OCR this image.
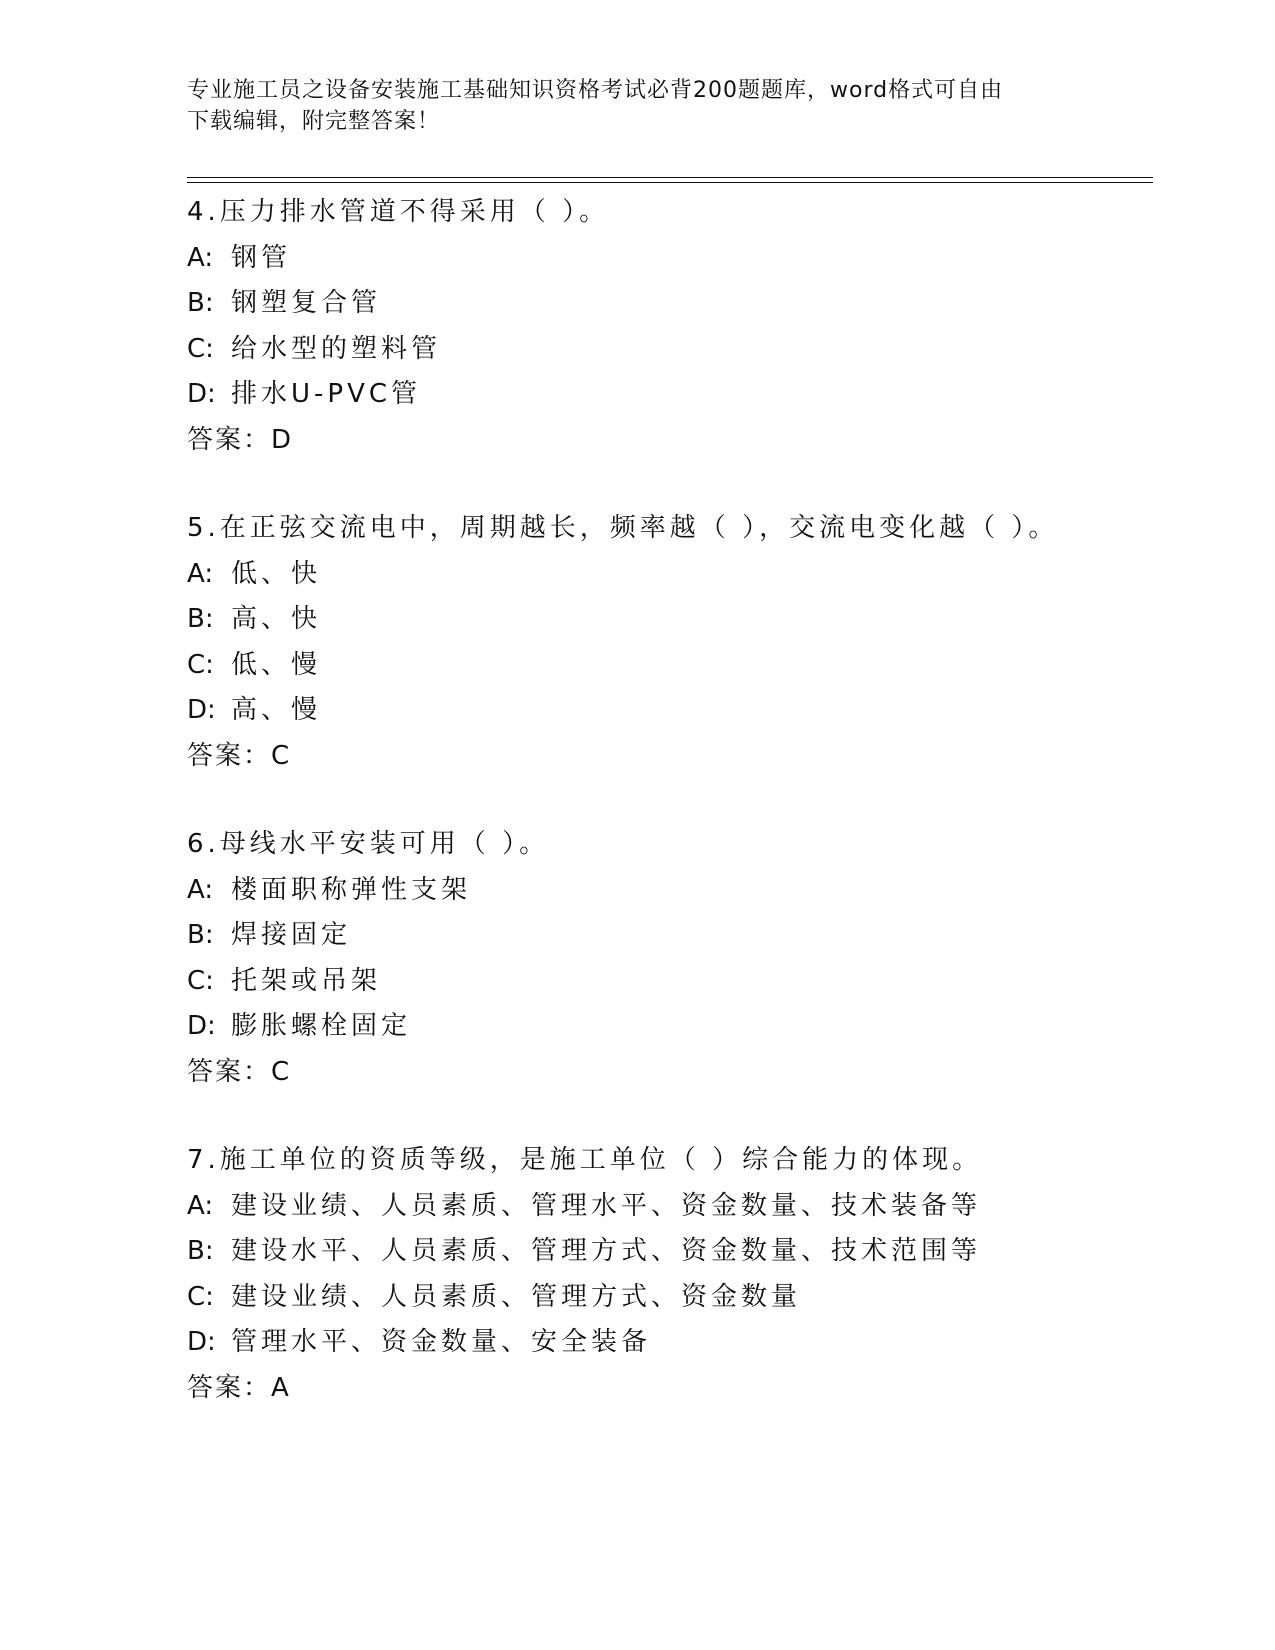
专业施工员之设备安装施工基础知识资格考试必背200题题库，word格式可自由
下载编辑，附完整答案！
4.压力排水管道不得采用（ ）。
A: 钢管
B: 钢塑复合管
C: 给水型的塑料管
D: 排水U-PVC管
答案：D
5.在正弦交流电中，周期越长，频率越（ ），交流电变化越（ ）。
A: 低、快
B: 高、快
C: 低、慢
D: 高、慢
答案：C
6.母线水平安装可用（ ）。
A: 楼面职称弹性支架
B: 焊接固定
C: 托架或吊架
D: 膨胀螺栓固定
答案：C
7.施工单位的资质等级，是施工单位（ ）综合能力的体现。
A: 建设业绩、人员素质、管理水平、资金数量、技术装备等
B: 建设水平、人员素质、管理方式、资金数量、技术范围等
C: 建设业绩、人员素质、管理方式、资金数量
D: 管理水平、资金数量、安全装备
答案：A
